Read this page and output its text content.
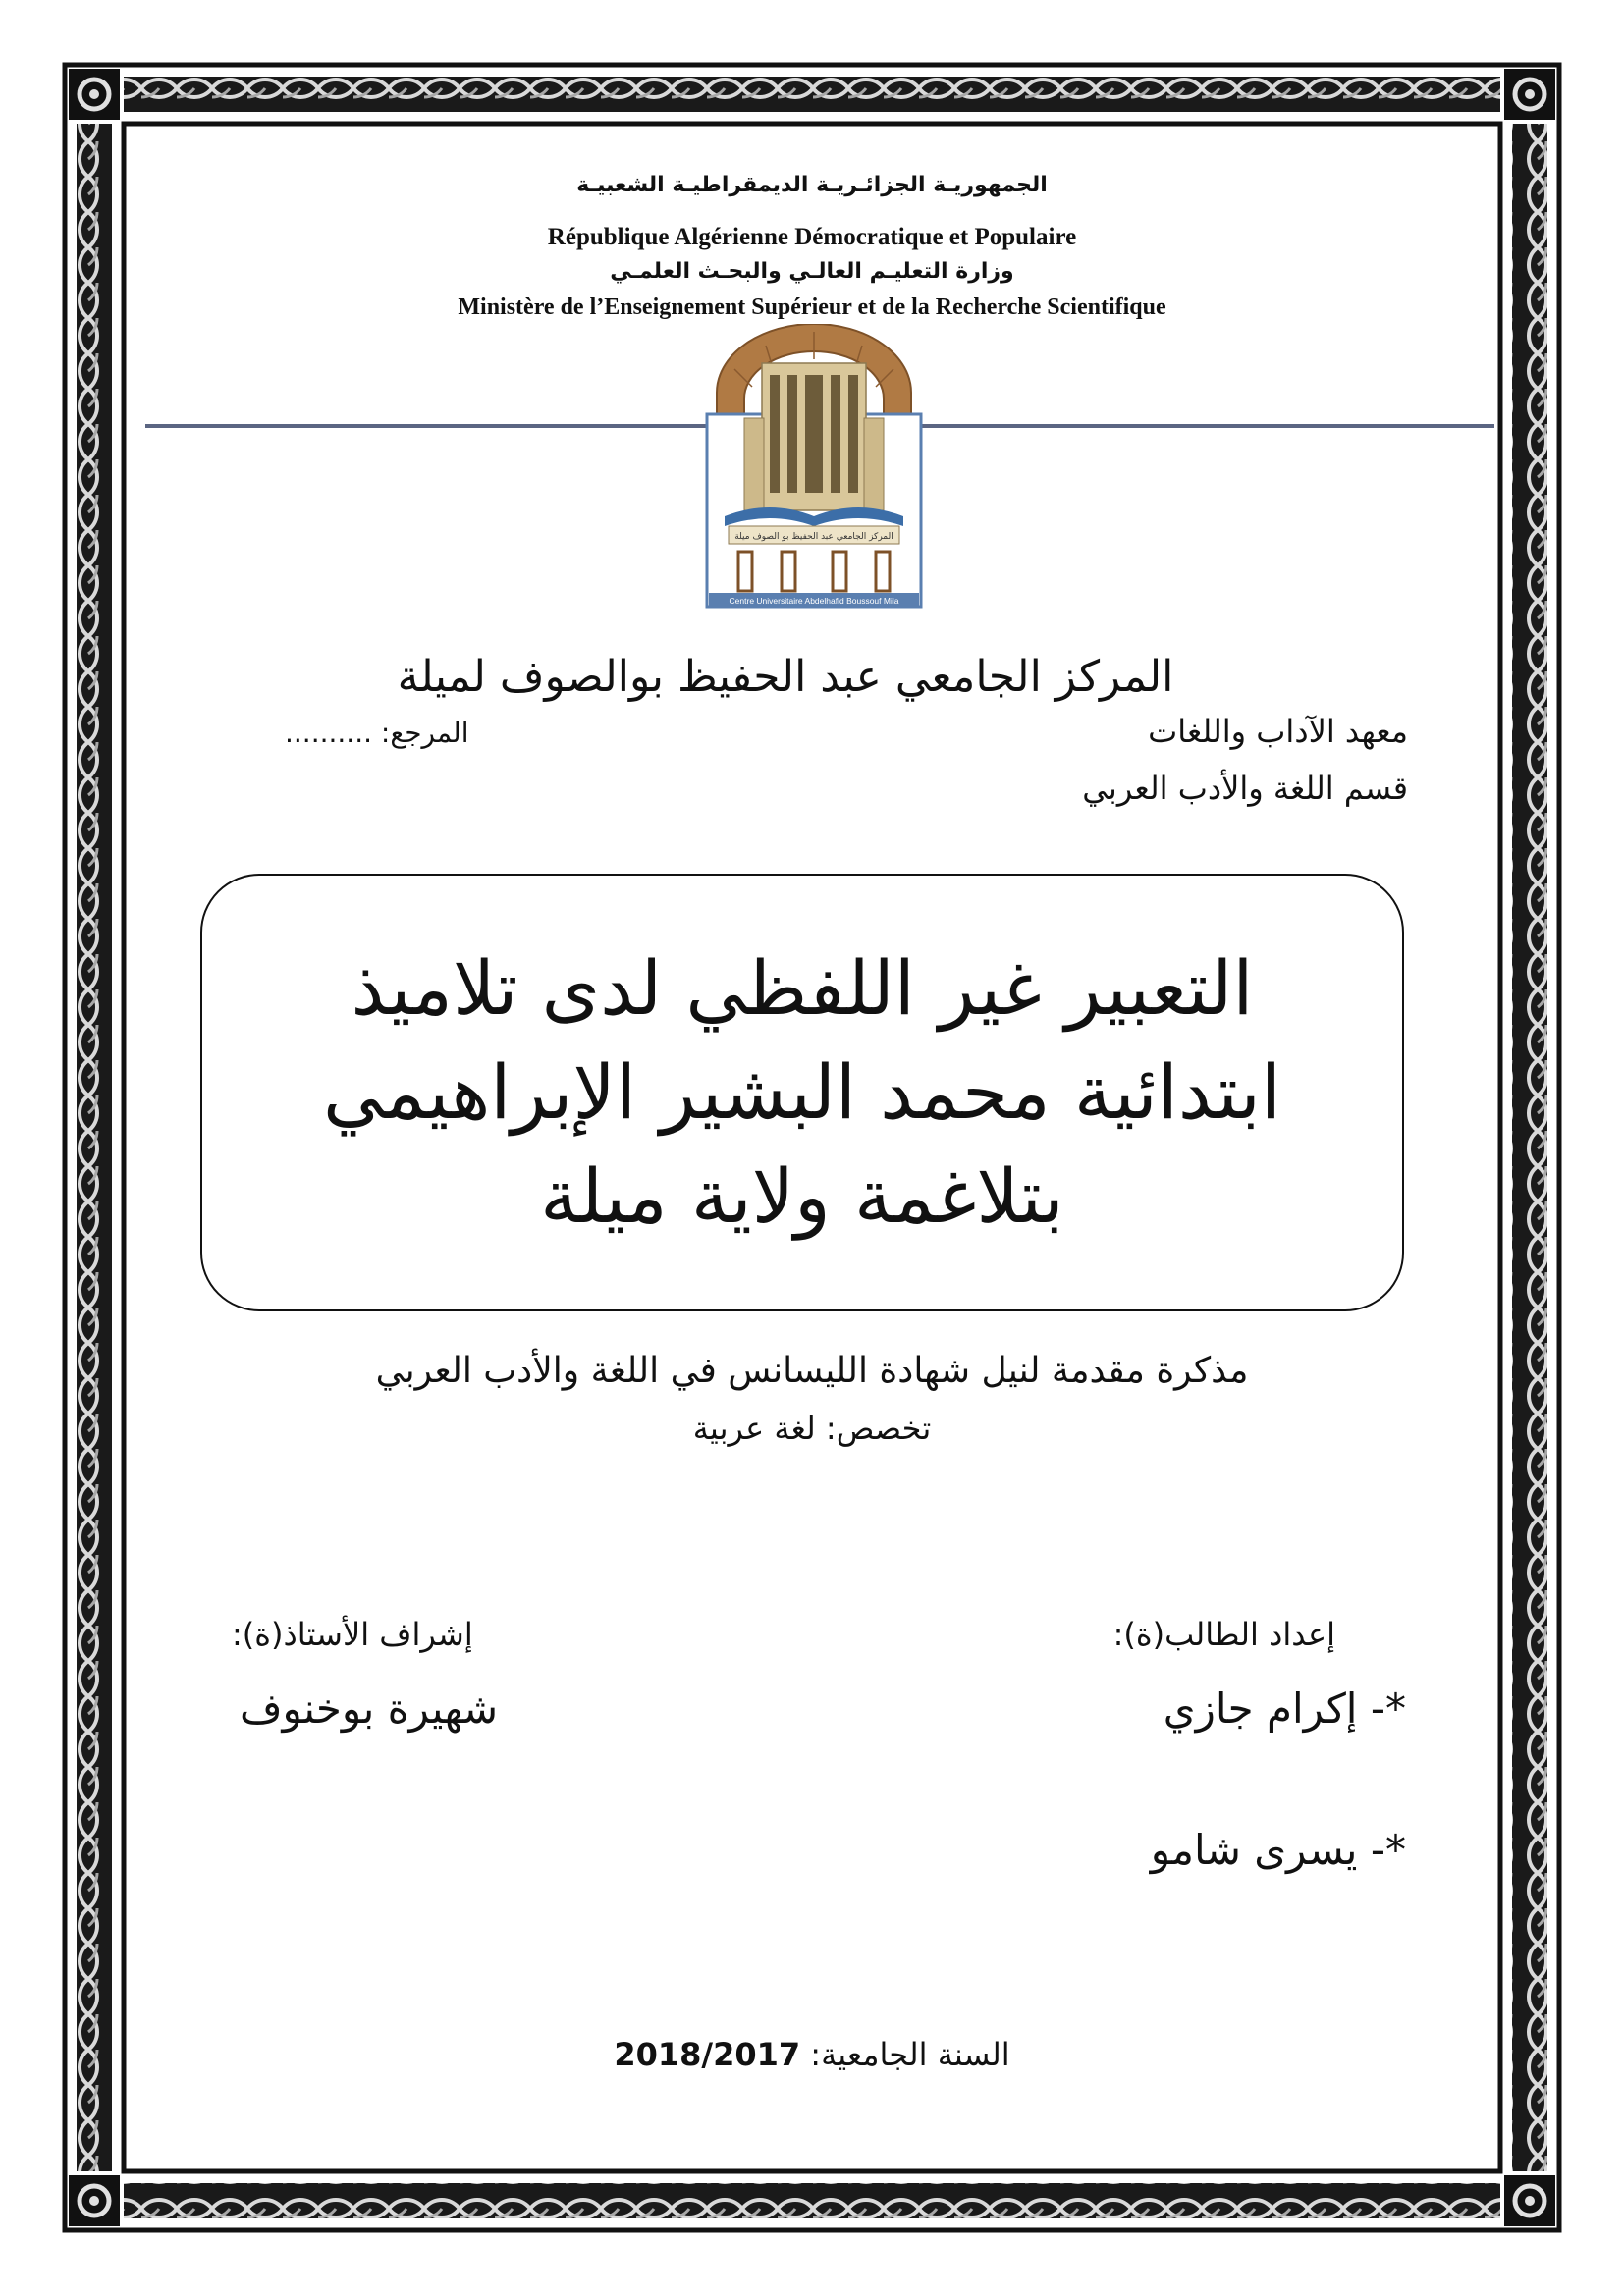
الجمهوريـة الجزائـريـة الديمقراطيـة الشعبيـة

République Algérienne Démocratique et Populaire

وزارة التعليـم العالـي والبحـث العلمـي

Ministère de l’Enseignement Supérieur et de la Recherche Scientifique

المركز الجامعي عبد الحفيظ بو الصوف ميلة
Centre Universitaire Abdelhafid Boussouf Mila

المركز الجامعي عبد الحفيظ بوالصوف لميلة

معهد الآداب واللغات

المرجع: ..........

قسم اللغة والأدب العربي

التعبير غير اللفظي لدى تلاميذ
ابتدائية محمد البشير الإبراهيمي
بتلاغمة ولاية ميلة

مذكرة مقدمة لنيل شهادة الليسانس في اللغة والأدب العربي

تخصص: لغة عربية

إعداد الطالب(ة):

إشراف الأستاذ(ة):

*- إكرام جازي

شهيرة بوخنوف

*- يسرى شامو

السنة الجامعية: 2018/2017
